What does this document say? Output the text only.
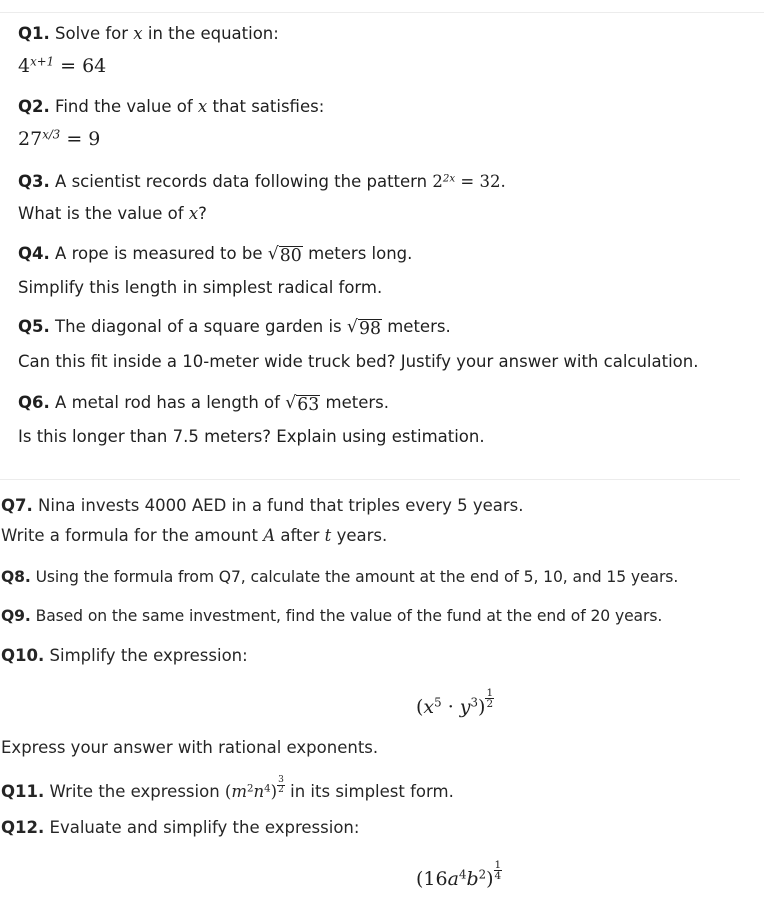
Q1. Solve for x in the equation:
$4^{x+1} = 64$
Q2. Find the value of x that satisfies:
$27^{x/3} = 9$
Q3. A scientist records data following the pattern $2^{2x} = 32$.
What is the value of x?
Q4. A rope is measured to be √ 80 meters long.
Simplify this length in simplest radical form.
Q5. The diagonal of a square garden is √ 98 meters.
Can this fit inside a 10-meter wide truck bed? Justify your answer with calculation.
Q6. A metal rod has a length of √ 63 meters.
Is this longer than 7.5 meters? Explain using estimation.
Q7. Nina invests 4000 AED in a fund that triples every 5 years.
Write a formula for the amount A after t years.
Q8. Using the formula from Q7, calculate the amount at the end of 5, 10, and 15 years.
Q9. Based on the same investment, find the value of the fund at the end of 20 years.
Q10. Simplify the expression:
$(x^5 \cdot y^3) \frac{1}{2}$
Express your answer with rational exponents.
Q11. Write the expression $(m^2n^4) \frac{3}{2}$ in its simplest form.
Q12. Evaluate and simplify the expression:
$(16a^4b^2) \frac{1}{4}$
